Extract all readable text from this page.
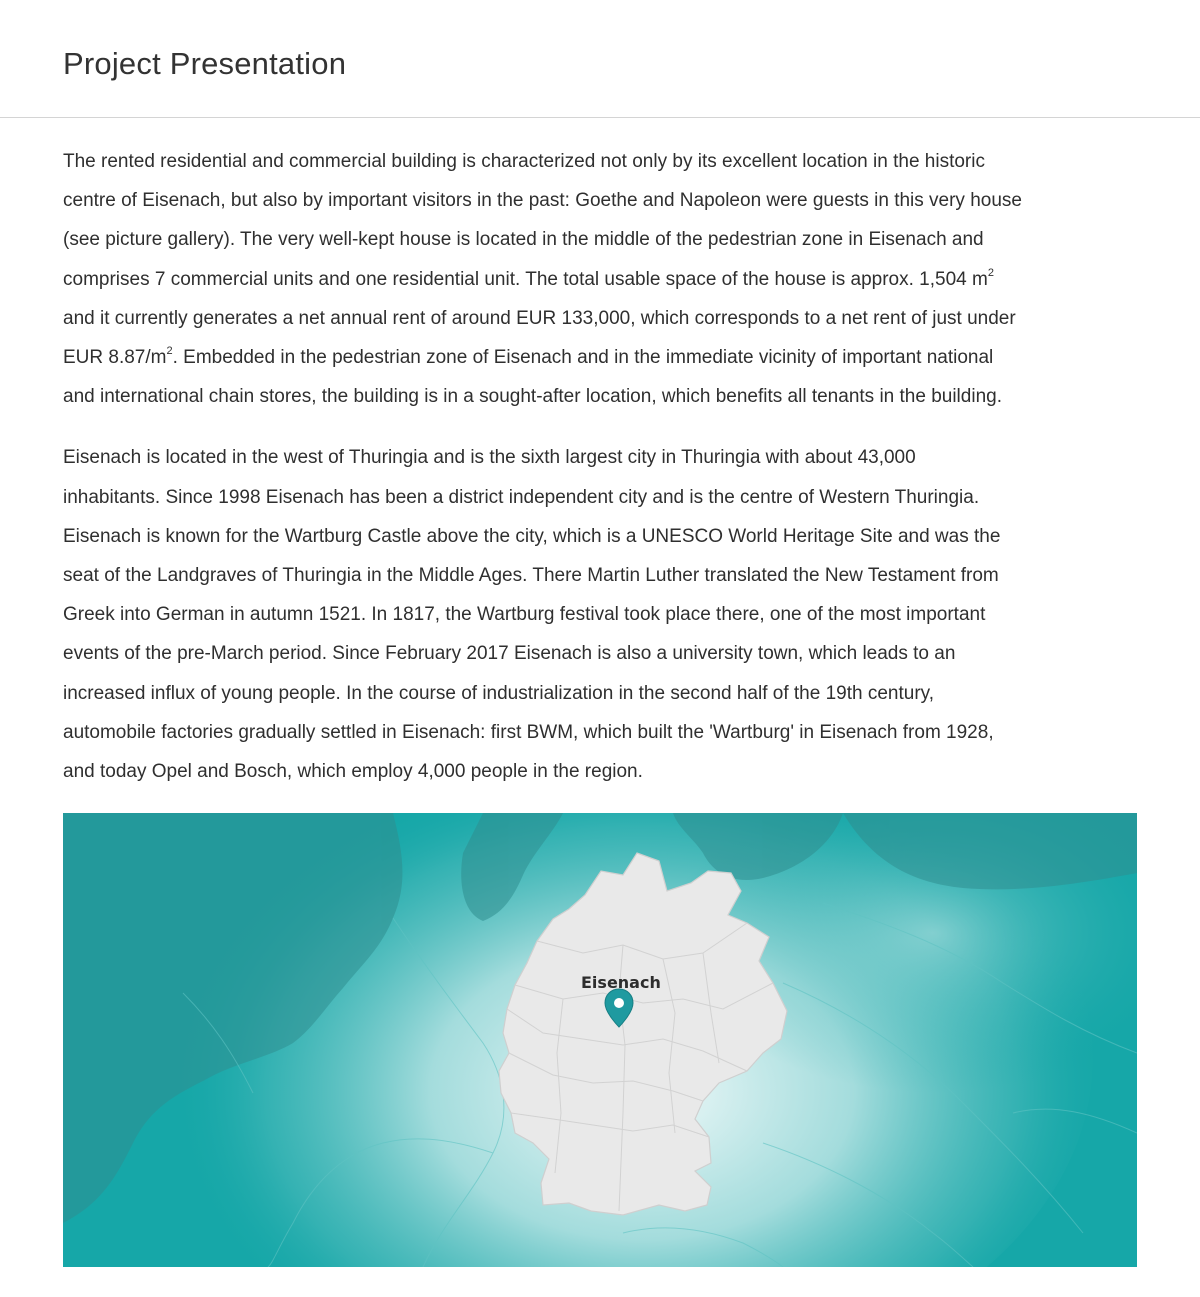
Project Presentation

The rented residential and commercial building is characterized not only by its excellent location in the historic
centre of Eisenach, but also by important visitors in the past: Goethe and Napoleon were guests in this very house
(see picture gallery). The very well-kept house is located in the middle of the pedestrian zone in Eisenach and
comprises 7 commercial units and one residential unit. The total usable space of the house is approx. 1,504 $m^2$
and it currently generates a net annual rent of around EUR 133,000, which corresponds to a net rent of just under
EUR $8.87/m^2$. Embedded in the pedestrian zone of Eisenach and in the immediate vicinity of important national
and international chain stores, the building is in a sought-after location, which benefits all tenants in the building.

Eisenach is located in the west of Thuringia and is the sixth largest city in Thuringia with about 43,000
inhabitants. Since 1998 Eisenach has been a district independent city and is the centre of Western Thuringia.
Eisenach is known for the Wartburg Castle above the city, which is a UNESCO World Heritage Site and was the
seat of the Landgraves of Thuringia in the Middle Ages. There Martin Luther translated the New Testament from
Greek into German in autumn 1521. In 1817, the Wartburg festival took place there, one of the most important
events of the pre-March period. Since February 2017 Eisenach is also a university town, which leads to an
increased influx of young people. In the course of industrialization in the second half of the 19th century,
automobile factories gradually settled in Eisenach: first BWM, which built the 'Wartburg' in Eisenach from 1928,
and today Opel and Bosch, which employ 4,000 people in the region.

Eisenach
